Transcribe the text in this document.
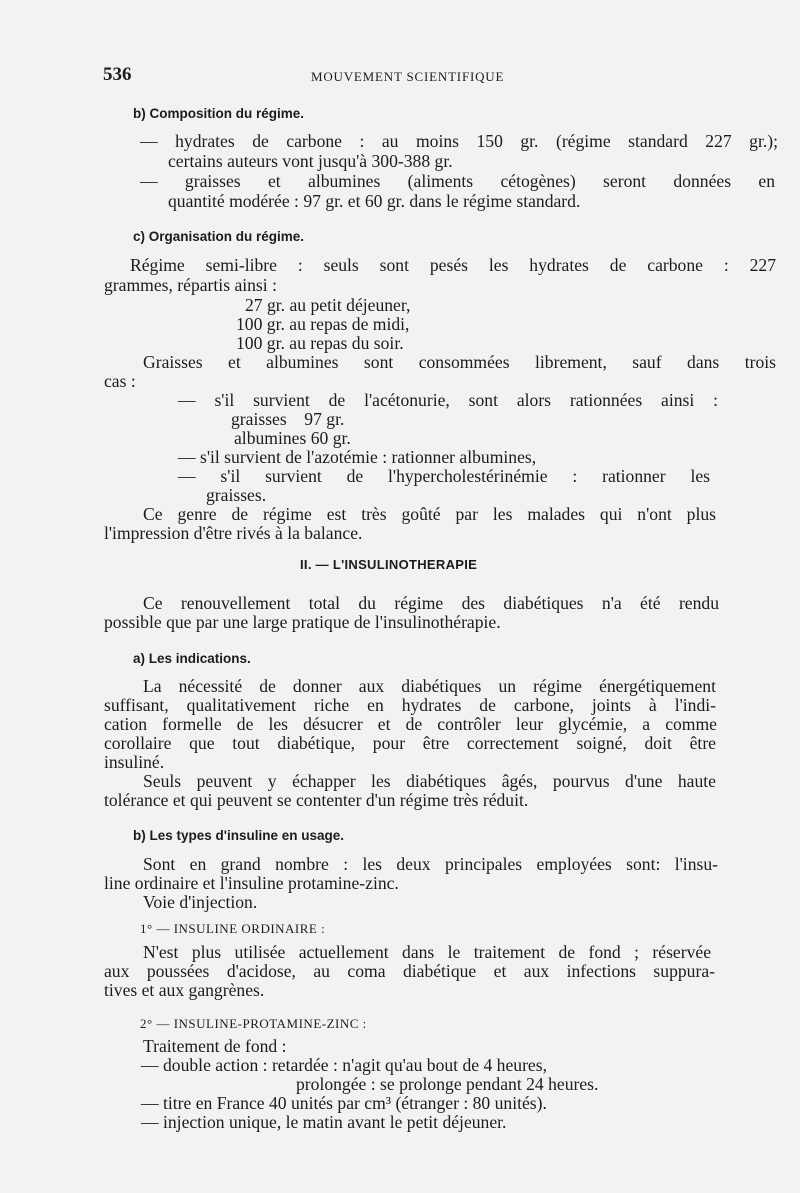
536	MOUVEMENT SCIENTIFIQUE
b) Composition du régime.
— hydrates de carbone : au moins 150 gr. (régime standard 227 gr.);
certains auteurs vont jusqu'à 300-388 gr.
— graisses et albumines (aliments cétogènes) seront données en
quantité modérée : 97 gr. et 60 gr. dans le régime standard.
c) Organisation du régime.
Régime semi-libre : seuls sont pesés les hydrates de carbone : 227
grammes, répartis ainsi :
27 gr. au petit déjeuner,
100 gr. au repas de midi,
100 gr. au repas du soir.
Graisses et albumines sont consommées librement, sauf dans trois
cas :
— s'il survient de l'acétonurie, sont alors rationnées ainsi :
graisses    97 gr.
albumines 60 gr.
— s'il survient de l'azotémie : rationner albumines,
— s'il survient de l'hypercholestérinémie : rationner les
graisses.
Ce genre de régime est très goûté par les malades qui n'ont plus
l'impression d'être rivés à la balance.
II. — L'INSULINOTHERAPIE
Ce renouvellement total du régime des diabétiques n'a été rendu
possible que par une large pratique de l'insulinothérapie.
a) Les indications.
La nécessité de donner aux diabétiques un régime énergétiquement
suffisant, qualitativement riche en hydrates de carbone, joints à l'indi-
cation formelle de les désucrer et de contrôler leur glycémie, a comme
corollaire que tout diabétique, pour être correctement soigné, doit être
insuliné.
Seuls peuvent y échapper les diabétiques âgés, pourvus d'une haute
tolérance et qui peuvent se contenter d'un régime très réduit.
b) Les types d'insuline en usage.
Sont en grand nombre : les deux principales employées sont: l'insu-
line ordinaire et l'insuline protamine-zinc.
Voie d'injection.
1° — INSULINE ORDINAIRE :
N'est plus utilisée actuellement dans le traitement de fond ; réservée
aux poussées d'acidose, au coma diabétique et aux infections suppura-
tives et aux gangrènes.
2° — INSULINE-PROTAMINE-ZINC :
Traitement de fond :
— double action : retardée : n'agit qu'au bout de 4 heures,
prolongée : se prolonge pendant 24 heures.
— titre en France 40 unités par cm³ (étranger : 80 unités).
— injection unique, le matin avant le petit déjeuner.
